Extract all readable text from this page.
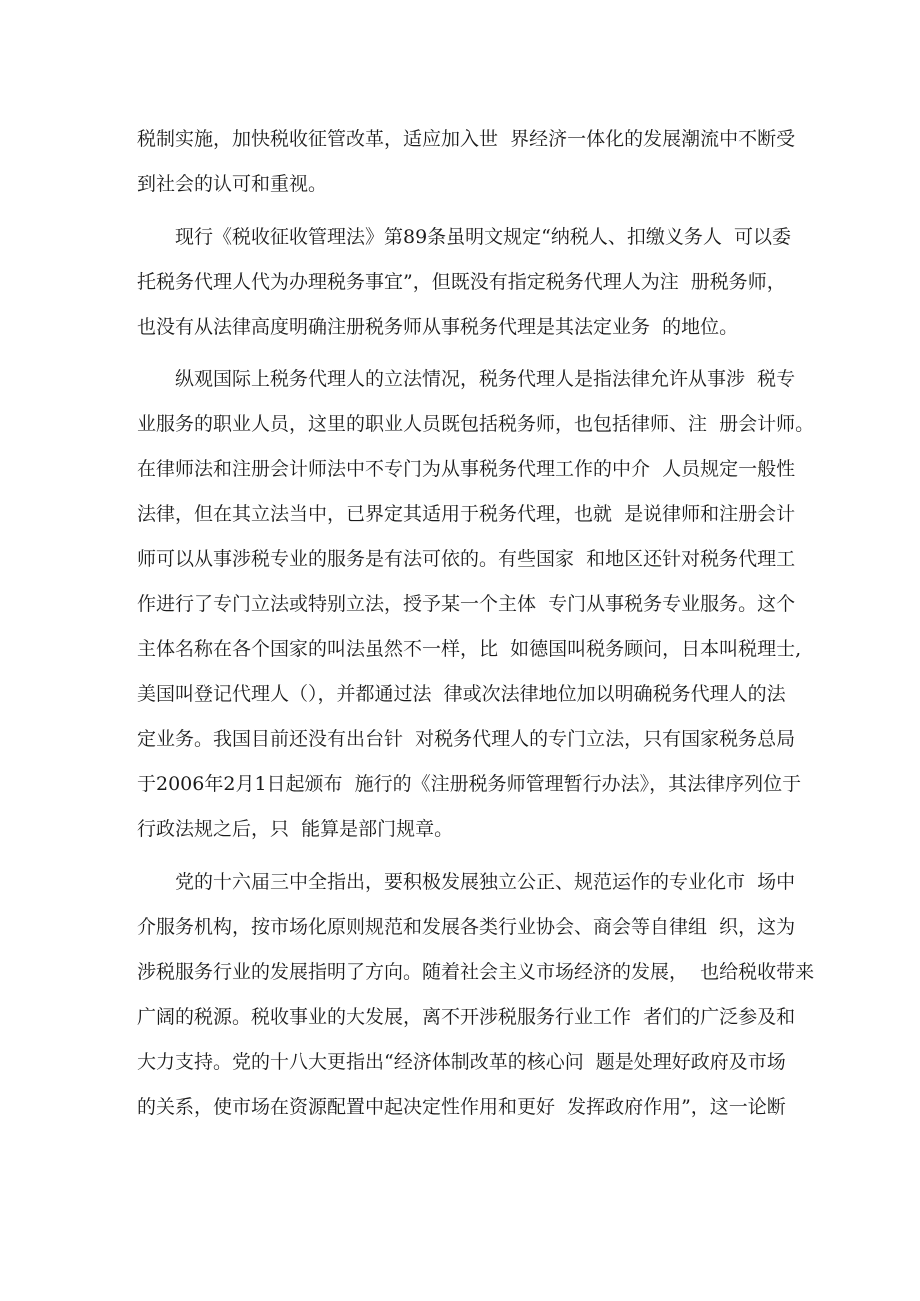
税制实施，加快税收征管改革，适应加入世  界经济一体化的发展潮流中不断受
到社会的认可和重视。
现行《税收征收管理法》第89条虽明文规定“纳税人、扣缴义务人  可以委
托税务代理人代为办理税务事宜”，但既没有指定税务代理人为注  册税务师，
也没有从法律高度明确注册税务师从事税务代理是其法定业务  的地位。
纵观国际上税务代理人的立法情况，税务代理人是指法律允许从事涉  税专
业服务的职业人员，这里的职业人员既包括税务师，也包括律师、注  册会计师。
在律师法和注册会计师法中不专门为从事税务代理工作的中介  人员规定一般性
法律，但在其立法当中，已界定其适用于税务代理，也就  是说律师和注册会计
师可以从事涉税专业的服务是有法可依的。有些国家  和地区还针对税务代理工
作进行了专门立法或特别立法，授予某一个主体  专门从事税务专业服务。这个
主体名称在各个国家的叫法虽然不一样，比  如德国叫税务顾问，日本叫税理士,
美国叫登记代理人（），并都通过法  律或次法律地位加以明确税务代理人的法
定业务。我国目前还没有出台针  对税务代理人的专门立法，只有国家税务总局
于2006年2月1日起颁布  施行的《注册税务师管理暂行办法》，其法律序列位于
行政法规之后，只  能算是部门规章。
党的十六届三中全指出，要积极发展独立公正、规范运作的专业化市  场中
介服务机构，按市场化原则规范和发展各类行业协会、商会等自律组  织，这为
涉税服务行业的发展指明了方向。随着社会主义市场经济的发展，  也给税收带来
广阔的税源。税收事业的大发展，离不开涉税服务行业工作  者们的广泛参及和
大力支持。党的十八大更指出“经济体制改革的核心问  题是处理好政府及市场
的关系，使市场在资源配置中起决定性作用和更好  发挥政府作用”，这一论断
